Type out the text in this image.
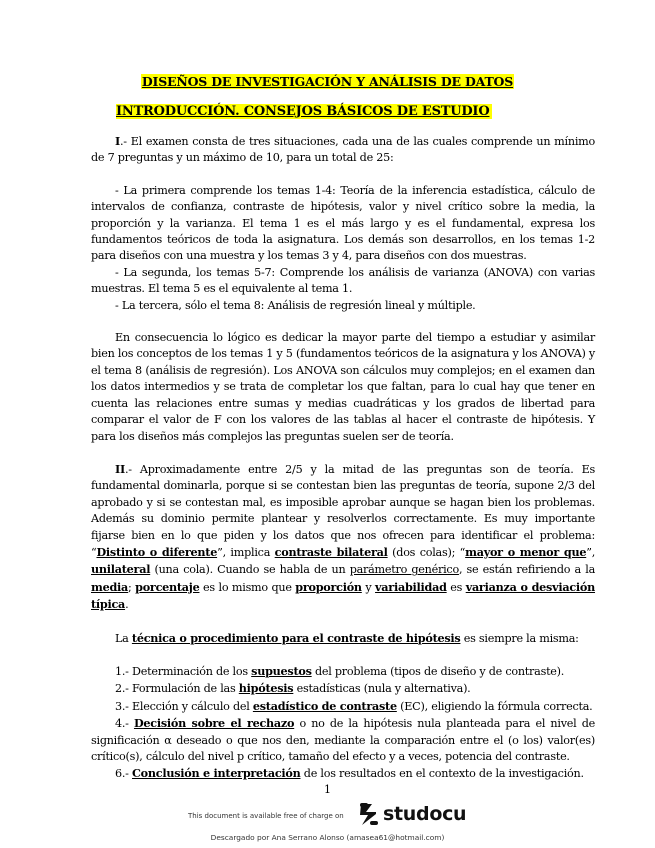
DISEÑOS DE INVESTIGACIÓN Y ANÁLISIS DE DATOS
INTRODUCCIÓN. CONSEJOS BÁSICOS DE ESTUDIO

I.- El examen consta de tres situaciones, cada una de las cuales comprende un mínimo de 7 preguntas y un máximo de 10, para un total de 25:

- La primera comprende los temas 1-4: Teoría de la inferencia estadística, cálculo de intervalos de confianza, contraste de hipótesis, valor y nivel crítico sobre la media, la proporción y la varianza. El tema 1 es el más largo y es el fundamental, expresa los fundamentos teóricos de toda la asignatura. Los demás son desarrollos, en los temas 1-2 para diseños con una muestra y los temas 3 y 4, para diseños con dos muestras.

- La segunda, los temas 5-7: Comprende los análisis de varianza (ANOVA) con varias muestras. El tema 5 es el equivalente al tema 1.

- La tercera, sólo el tema 8: Análisis de regresión lineal y múltiple.

En consecuencia lo lógico es dedicar la mayor parte del tiempo a estudiar y asimilar bien los conceptos de los temas 1 y 5 (fundamentos teóricos de la asignatura y los ANOVA) y el tema 8 (análisis de regresión). Los ANOVA son cálculos muy complejos; en el examen dan los datos intermedios y se trata de completar los que faltan, para lo cual hay que tener en cuenta las relaciones entre sumas y medias cuadráticas y los grados de libertad para comparar el valor de F con los valores de las tablas al hacer el contraste de hipótesis. Y para los diseños más complejos las preguntas suelen ser de teoría.

II.- Aproximadamente entre 2/5 y la mitad de las preguntas son de teoría. Es fundamental dominarla, porque si se contestan bien las preguntas de teoría, supone 2/3 del aprobado y si se contestan mal, es imposible aprobar aunque se hagan bien los problemas. Además su dominio permite plantear y resolverlos correctamente. Es muy importante fijarse bien en lo que piden y los datos que nos ofrecen para identificar el problema: “Distinto o diferente”, implica contraste bilateral (dos colas); “mayor o menor que”, unilateral (una cola). Cuando se habla de un parámetro genérico, se están refiriendo a la media; porcentaje es lo mismo que proporción y variabilidad es varianza o desviación típica.

La técnica o procedimiento para el contraste de hipótesis es siempre la misma:

1.- Determinación de los supuestos del problema (tipos de diseño y de contraste).

2.- Formulación de las hipótesis estadísticas (nula y alternativa).

3.- Elección y cálculo del estadístico de contraste (EC), eligiendo la fórmula correcta.

4.- Decisión sobre el rechazo o no de la hipótesis nula planteada para el nivel de significación α deseado o que nos den, mediante la comparación entre el (o los) valor(es) crítico(s), cálculo del nivel p crítico, tamaño del efecto y a veces, potencia del contraste.

6.- Conclusión e interpretación de los resultados en el contexto de la investigación.

1
This document is available free of charge on studocu
Descargado por Ana Serrano Alonso (amasea61@hotmail.com)
